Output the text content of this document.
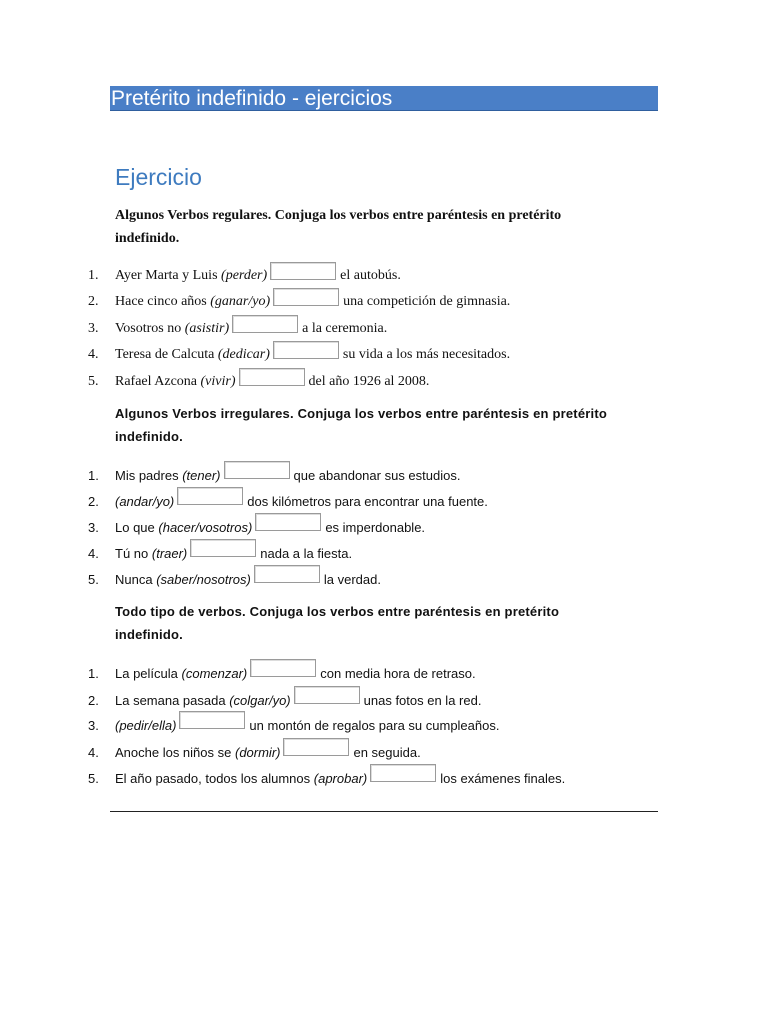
Pretérito indefinido - ejercicios
Ejercicio
Algunos Verbos regulares. Conjuga los verbos entre paréntesis en pretérito indefinido.
1. Ayer Marta y Luis
(perder)	el autobús.
2. Hace cinco años
(ganar/yo)	una competición de gimnasia.
3. Vosotros no
(asistir)	a la ceremonia.
4. Teresa de Calcuta
(dedicar)	su vida a los más necesitados.
5. Rafael Azcona
(vivir)	del año 1926 al 2008.
Algunos Verbos irregulares. Conjuga los verbos entre paréntesis en pretérito indefinido.
1. Mis padres
(tener)	que abandonar sus estudios.
2. (andar/yo)	dos kilómetros para encontrar una fuente.
3. Lo que
(hacer/vosotros)	es imperdonable.
4. Tú no
(traer)	nada a la fiesta.
5. Nunca
(saber/nosotros)	la verdad.
Todo tipo de verbos. Conjuga los verbos entre paréntesis en pretérito indefinido.
1. La película
(comenzar)	con media hora de retraso.
2. La semana pasada
(colgar/yo)	unas fotos en la red.
3. (pedir/ella)	un montón de regalos para su cumpleaños.
4. Anoche los niños se
(dormir)	en seguida.
5. El año pasado, todos los alumnos
(aprobar)	los exámenes finales.
